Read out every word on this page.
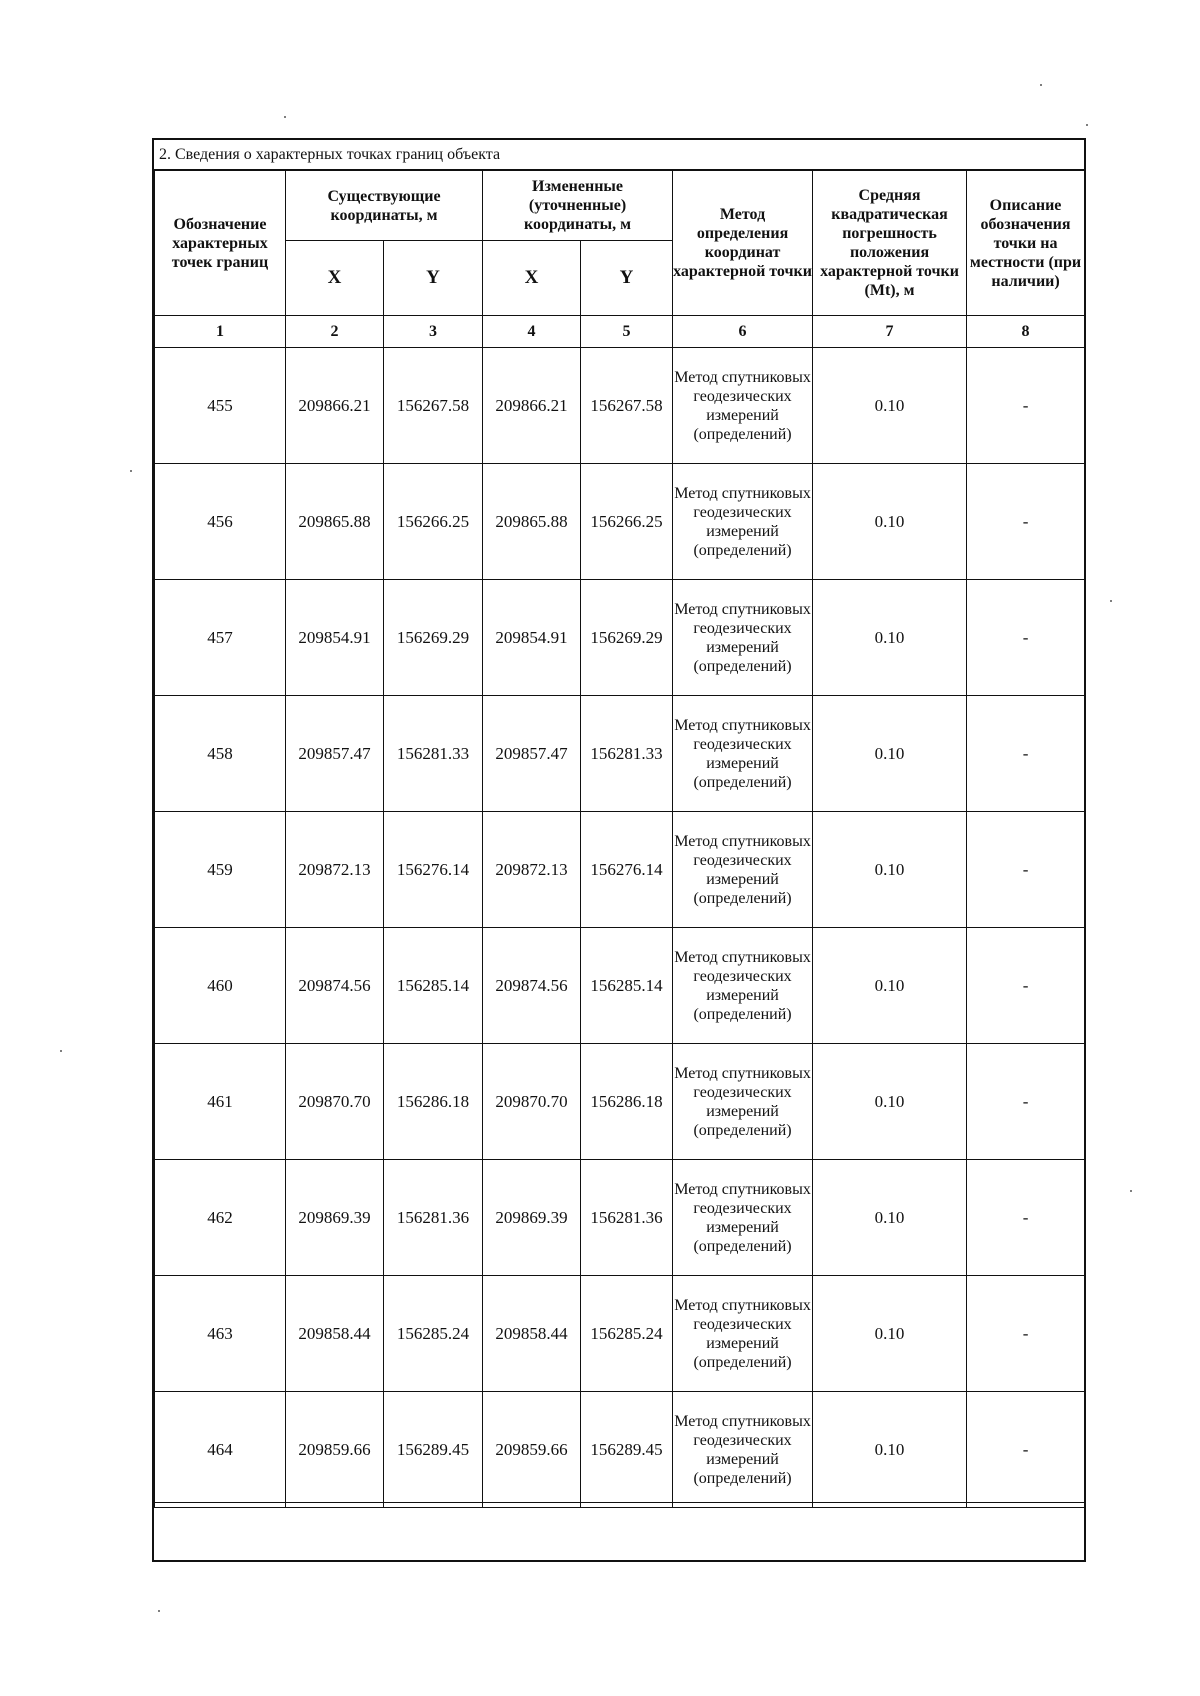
2. Сведения о характерных точках границ объекта
Обозначение характерных точек границ	Существующие координаты, м		Измененные (уточненные) координаты, м		Метод определения координат характерной точки	Средняя квадратическая погрешность положения характерной точки (Mt), м	Описание обозначения точки на местности (при наличии)
	X	Y	X	Y			
1	2	3	4	5	6	7	8
455	209866.21	156267.58	209866.21	156267.58	Метод спутниковых геодезических измерений (определений)	0.10	-
456	209865.88	156266.25	209865.88	156266.25	Метод спутниковых геодезических измерений (определений)	0.10	-
457	209854.91	156269.29	209854.91	156269.29	Метод спутниковых геодезических измерений (определений)	0.10	-
458	209857.47	156281.33	209857.47	156281.33	Метод спутниковых геодезических измерений (определений)	0.10	-
459	209872.13	156276.14	209872.13	156276.14	Метод спутниковых геодезических измерений (определений)	0.10	-
460	209874.56	156285.14	209874.56	156285.14	Метод спутниковых геодезических измерений (определений)	0.10	-
461	209870.70	156286.18	209870.70	156286.18	Метод спутниковых геодезических измерений (определений)	0.10	-
462	209869.39	156281.36	209869.39	156281.36	Метод спутниковых геодезических измерений (определений)	0.10	-
463	209858.44	156285.24	209858.44	156285.24	Метод спутниковых геодезических измерений (определений)	0.10	-
464	209859.66	156289.45	209859.66	156289.45	Метод спутниковых геодезических измерений (определений)	0.10	-
